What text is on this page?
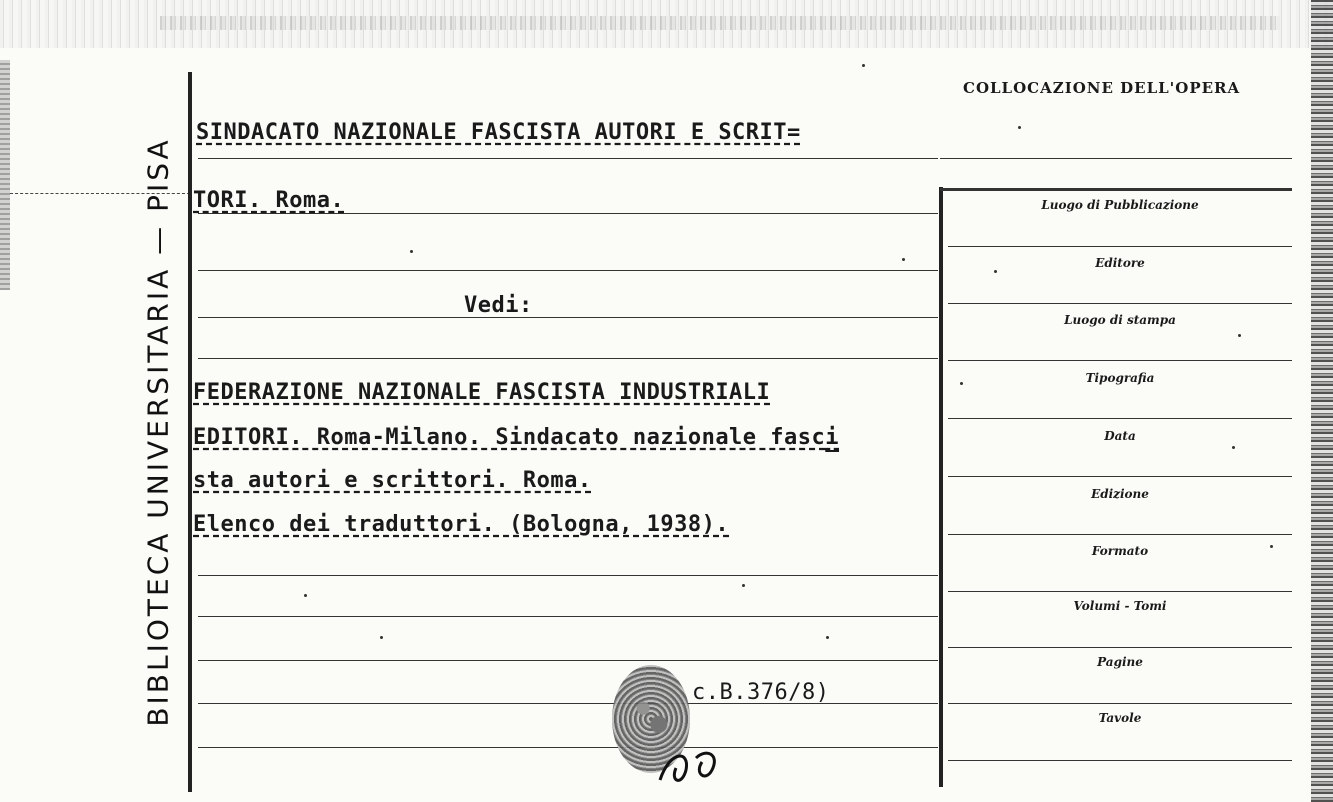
BIBLIOTECA UNIVERSITARIA — PISA
COLLOCAZIONE DELL'OPERA
SINDACATO NAZIONALE FASCISTA AUTORI E SCRIT=
TORI. Roma.
Vedi:
FEDERAZIONE NAZIONALE FASCISTA INDUSTRIALI
EDITORI. Roma-Milano. Sindacato nazionale fasci
sta autori e scrittori. Roma.
Elenco dei traduttori. (Bologna, 1938).
c.B.376/8)
Luogo di Pubblicazione
Editore
Luogo di stampa
Tipografia
Data
Edizione
Formato
Volumi - Tomi
Pagine
Tavole
